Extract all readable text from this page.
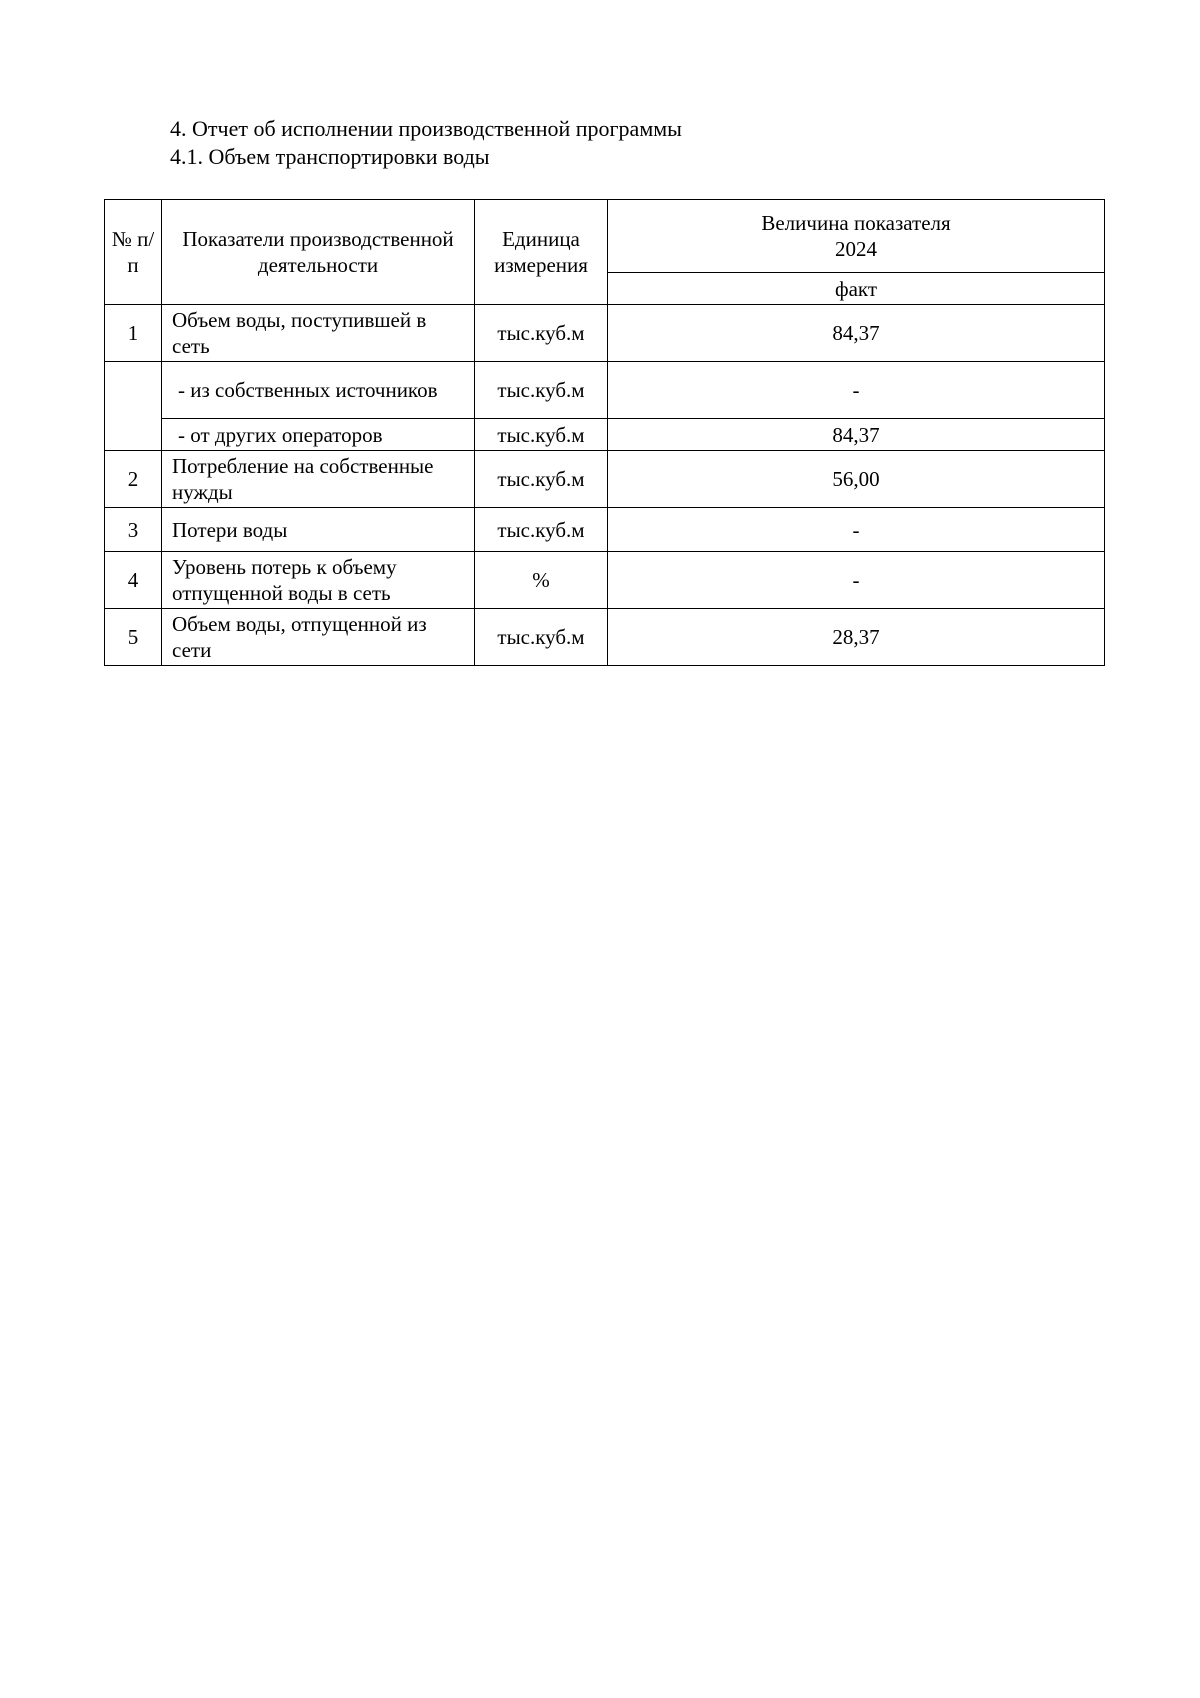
4. Отчет об исполнении производственной программы
4.1. Объем транспортировки воды
№ п/п	Показатели производственной деятельности	Единица измерения	Величина показателя
2024

			факт
1	Объем воды, поступившей в сеть	тыс.куб.м	84,37
	- из собственных источников	тыс.куб.м	-
	- от других операторов	тыс.куб.м	84,37
2	Потребление на собственные нужды	тыс.куб.м	56,00
3	Потери воды	тыс.куб.м	-
4	Уровень потерь к объему отпущенной воды в сеть	%	-
5	Объем воды, отпущенной из сети	тыс.куб.м	28,37
